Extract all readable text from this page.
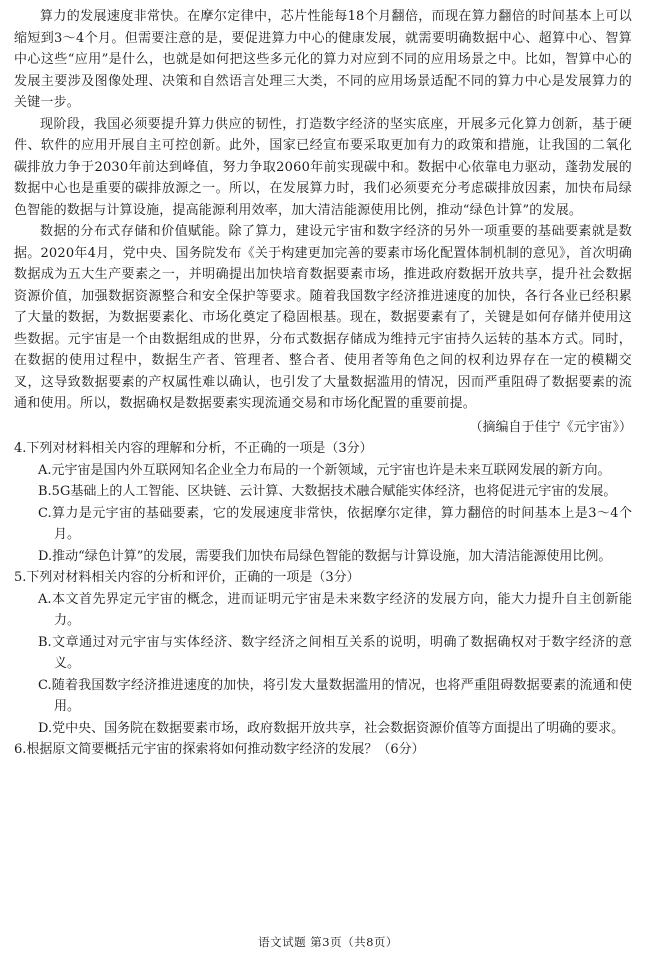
算力的发展速度非常快。在摩尔定律中，芯片性能每18个月翻倍，而现在算力翻倍的时间基本上可以缩短到3～4个月。但需要注意的是，要促进算力中心的健康发展，就需要明确数据中心、超算中心、智算中心这些“应用”是什么，也就是如何把这些多元化的算力对应到不同的应用场景之中。比如，智算中心的发展主要涉及图像处理、决策和自然语言处理三大类，不同的应用场景适配不同的算力中心是发展算力的关键一步。

现阶段，我国必须要提升算力供应的韧性，打造数字经济的坚实底座，开展多元化算力创新，基于硬件、软件的应用开展自主可控创新。此外，国家已经宣布要采取更加有力的政策和措施，让我国的二氧化碳排放力争于2030年前达到峰值，努力争取2060年前实现碳中和。数据中心依靠电力驱动，蓬勃发展的数据中心也是重要的碳排放源之一。所以，在发展算力时，我们必须要充分考虑碳排放因素，加快布局绿色智能的数据与计算设施，提高能源利用效率，加大清洁能源使用比例，推动“绿色计算”的发展。

数据的分布式存储和价值赋能。除了算力，建设元宇宙和数字经济的另外一项重要的基础要素就是数据。2020年4月，党中央、国务院发布《关于构建更加完善的要素市场化配置体制机制的意见》，首次明确数据成为五大生产要素之一，并明确提出加快培育数据要素市场，推进政府数据开放共享，提升社会数据资源价值，加强数据资源整合和安全保护等要求。随着我国数字经济推进速度的加快，各行各业已经积累了大量的数据，为数据要素化、市场化奠定了稳固根基。现在，数据要素有了，关键是如何存储并使用这些数据。元宇宙是一个由数据组成的世界，分布式数据存储成为维持元宇宙持久运转的基本方式。同时，在数据的使用过程中，数据生产者、管理者、整合者、使用者等角色之间的权利边界存在一定的模糊交叉，这导致数据要素的产权属性难以确认，也引发了大量数据滥用的情况，因而严重阻碍了数据要素的流通和使用。所以，数据确权是数据要素实现流通交易和市场化配置的重要前提。

（摘编自于佳宁《元宇宙》）

4.下列对材料相关内容的理解和分析，不正确的一项是（3分）

A.元宇宙是国内外互联网知名企业全力布局的一个新领域，元宇宙也许是未来互联网发展的新方向。

B.5G基础上的人工智能、区块链、云计算、大数据技术融合赋能实体经济，也将促进元宇宙的发展。

C.算力是元宇宙的基础要素，它的发展速度非常快，依据摩尔定律，算力翻倍的时间基本上是3～4个月。

D.推动“绿色计算”的发展，需要我们加快布局绿色智能的数据与计算设施，加大清洁能源使用比例。

5.下列对材料相关内容的分析和评价，正确的一项是（3分）

A.本文首先界定元宇宙的概念，进而证明元宇宙是未来数字经济的发展方向，能大力提升自主创新能力。

B.文章通过对元宇宙与实体经济、数字经济之间相互关系的说明，明确了数据确权对于数字经济的意义。

C.随着我国数字经济推进速度的加快，将引发大量数据滥用的情况，也将严重阻碍数据要素的流通和使用。

D.党中央、国务院在数据要素市场，政府数据开放共享，社会数据资源价值等方面提出了明确的要求。

6.根据原文简要概括元宇宙的探索将如何推动数字经济的发展？（6分）

语文试题 第3页（共8页）
